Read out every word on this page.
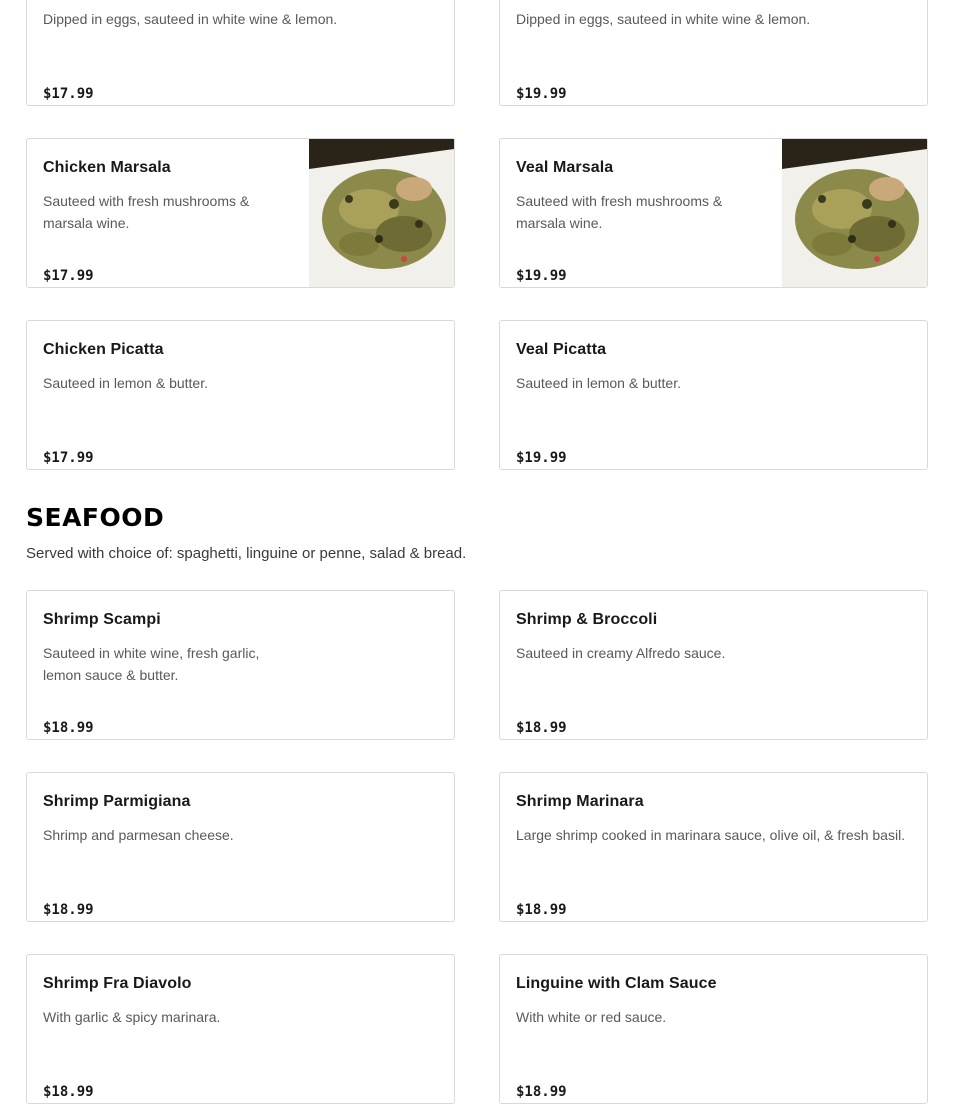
Dipped in eggs, sauteed in white wine & lemon.
$17.99
Dipped in eggs, sauteed in white wine & lemon.
$19.99
Chicken Marsala
Sauteed with fresh mushrooms & marsala wine.
$17.99
Veal Marsala
Sauteed with fresh mushrooms & marsala wine.
$19.99
Chicken Picatta
Sauteed in lemon & butter.
$17.99
Veal Picatta
Sauteed in lemon & butter.
$19.99
SEAFOOD
Served with choice of: spaghetti, linguine or penne, salad & bread.
Shrimp Scampi
Sauteed in white wine, fresh garlic, lemon sauce & butter.
$18.99
Shrimp & Broccoli
Sauteed in creamy Alfredo sauce.
$18.99
Shrimp Parmigiana
Shrimp and parmesan cheese.
$18.99
Shrimp Marinara
Large shrimp cooked in marinara sauce, olive oil, & fresh basil.
$18.99
Shrimp Fra Diavolo
With garlic & spicy marinara.
$18.99
Linguine with Clam Sauce
With white or red sauce.
$18.99
